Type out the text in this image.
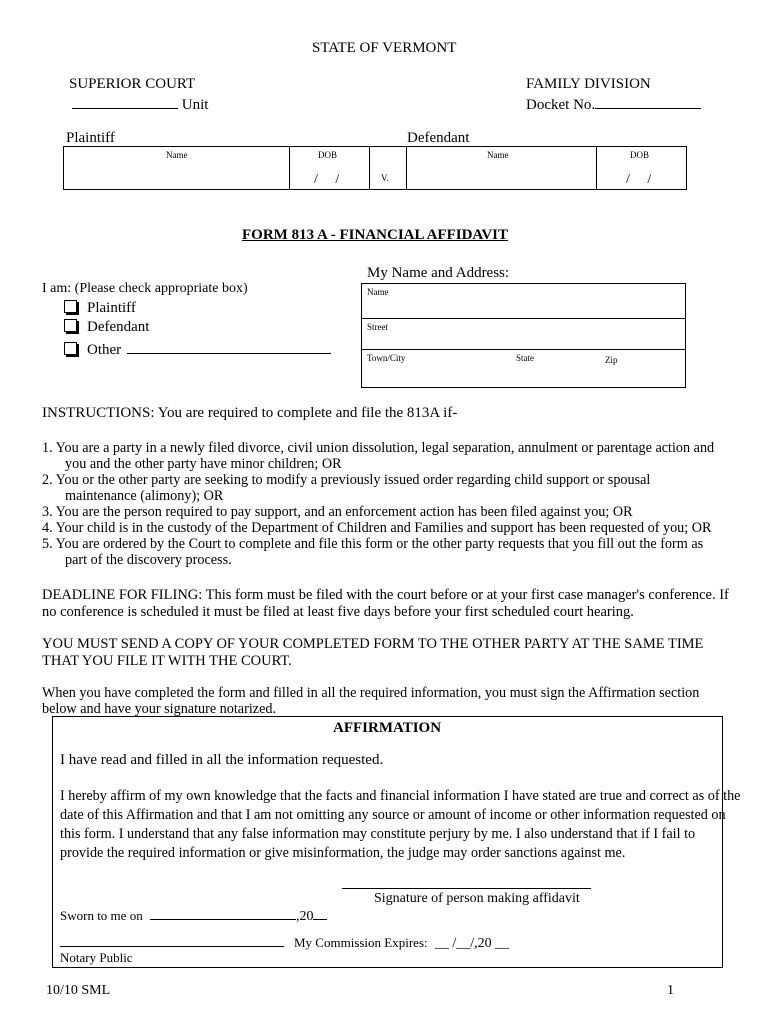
STATE OF VERMONT
SUPERIOR COURT
Unit
FAMILY DIVISION
Docket No.
Plaintiff	Defendant
Name	DOB	Name	DOB
/     /	V.	/     /
FORM 813 A - FINANCIAL AFFIDAVIT
I am: (Please check appropriate box)
Plaintiff
Defendant
Other
My Name and Address:
Name
Street
Town/City	State	Zip
INSTRUCTIONS: You are required to complete and file the 813A if-

1. You are a party in a newly filed divorce, civil union dissolution, legal separation, annulment or parentage action and

you and the other party have minor children; OR

2. You or the other party are seeking to modify a previously issued order regarding child support or spousal

maintenance (alimony); OR

3. You are the person required to pay support, and an enforcement action has been filed against you; OR

4. Your child is in the custody of the Department of Children and Families and support has been requested of you; OR

5. You are ordered by the Court to complete and file this form or the other party requests that you fill out the form as

part of the discovery process.

DEADLINE FOR FILING: This form must be filed with the court before or at your first case manager's conference. If

no conference is scheduled it must be filed at least five days before your first scheduled court hearing.

YOU MUST SEND A COPY OF YOUR COMPLETED FORM TO THE OTHER PARTY AT THE SAME TIME

THAT YOU FILE IT WITH THE COURT.

When you have completed the form and filled in all the required information, you must sign the Affirmation section

below and have your signature notarized.

AFFIRMATION
I have read and filled in all the information requested.

I hereby affirm of my own knowledge that the facts and financial information I have stated are true and correct as of the

date of this Affirmation and that I am not omitting any source or amount of income or other information requested on

this form. I understand that any false information may constitute perjury by me. I also understand that if I fail to

provide the required information or give misinformation, the judge may order sanctions against me.

Signature of person making affidavit
Sworn to me on	,20
My Commission Expires: __ /__/,20 __
Notary Public
10/10 SML	1
